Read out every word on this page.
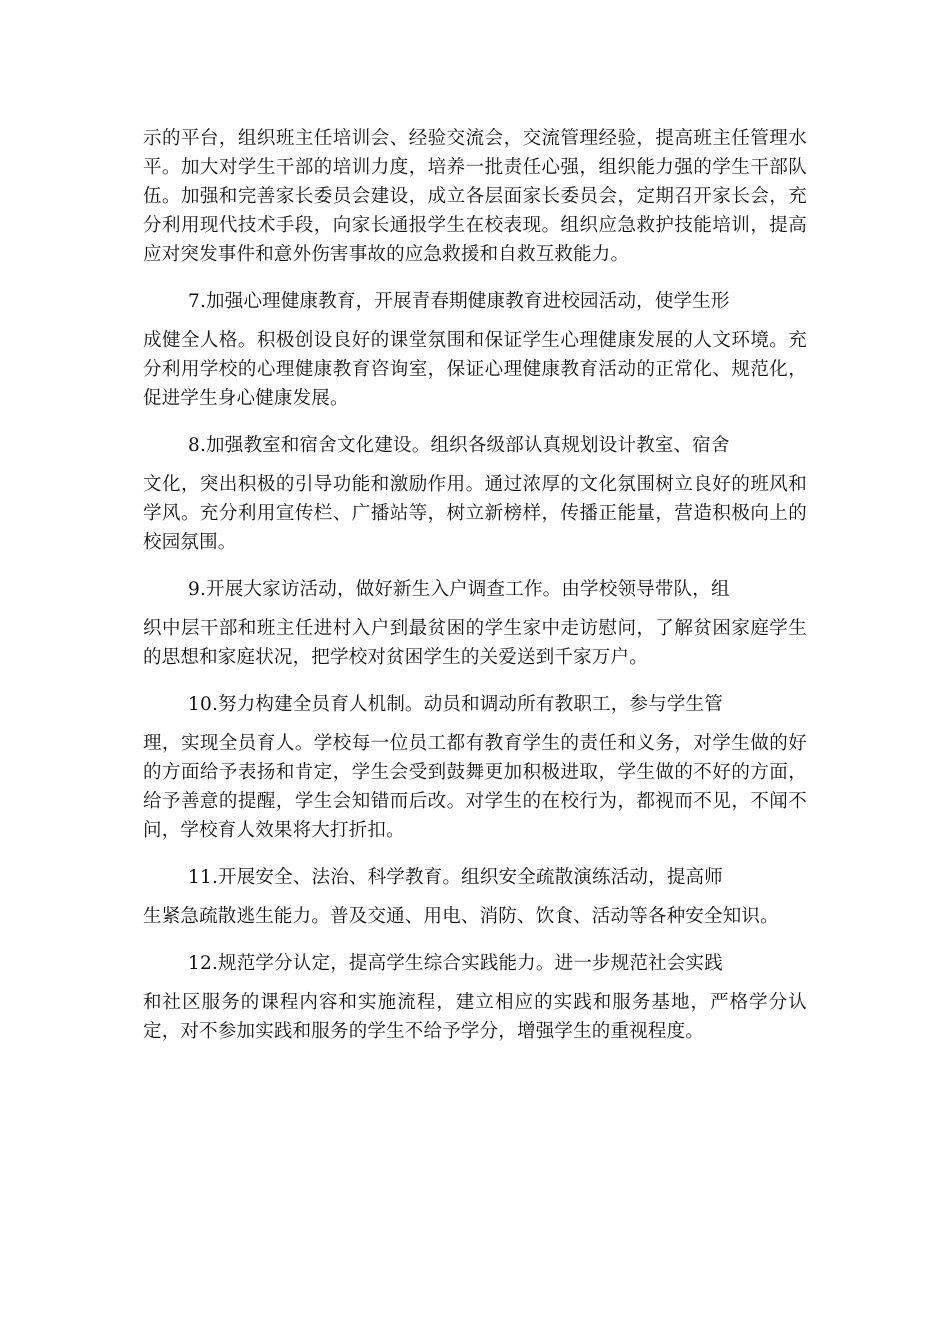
示的平台，组织班主任培训会、经验交流会，交流管理经验，提高班主任管理水平。加大对学生干部的培训力度，培养一批责任心强，组织能力强的学生干部队伍。加强和完善家长委员会建设，成立各层面家长委员会，定期召开家长会，充分利用现代技术手段，向家长通报学生在校表现。组织应急救护技能培训，提高应对突发事件和意外伤害事故的应急救援和自救互救能力。

7.加强心理健康教育，开展青春期健康教育进校园活动，使学生形
成健全人格。积极创设良好的课堂氛围和保证学生心理健康发展的人文环境。充分利用学校的心理健康教育咨询室，保证心理健康教育活动的正常化、规范化，促进学生身心健康发展。
8.加强教室和宿舍文化建设。组织各级部认真规划设计教室、宿舍
文化，突出积极的引导功能和激励作用。通过浓厚的文化氛围树立良好的班风和学风。充分利用宣传栏、广播站等，树立新榜样，传播正能量，营造积极向上的校园氛围。
9.开展大家访活动，做好新生入户调查工作。由学校领导带队，组
织中层干部和班主任进村入户到最贫困的学生家中走访慰问，了解贫困家庭学生的思想和家庭状况，把学校对贫困学生的关爱送到千家万户。
10.努力构建全员育人机制。动员和调动所有教职工，参与学生管
理，实现全员育人。学校每一位员工都有教育学生的责任和义务，对学生做的好的方面给予表扬和肯定，学生会受到鼓舞更加积极进取，学生做的不好的方面，给予善意的提醒，学生会知错而后改。对学生的在校行为，都视而不见，不闻不问，学校育人效果将大打折扣。
11.开展安全、法治、科学教育。组织安全疏散演练活动，提高师
生紧急疏散逃生能力。普及交通、用电、消防、饮食、活动等各种安全知识。
12.规范学分认定，提高学生综合实践能力。进一步规范社会实践
和社区服务的课程内容和实施流程，建立相应的实践和服务基地，严格学分认定，对不参加实践和服务的学生不给予学分，增强学生的重视程度。
